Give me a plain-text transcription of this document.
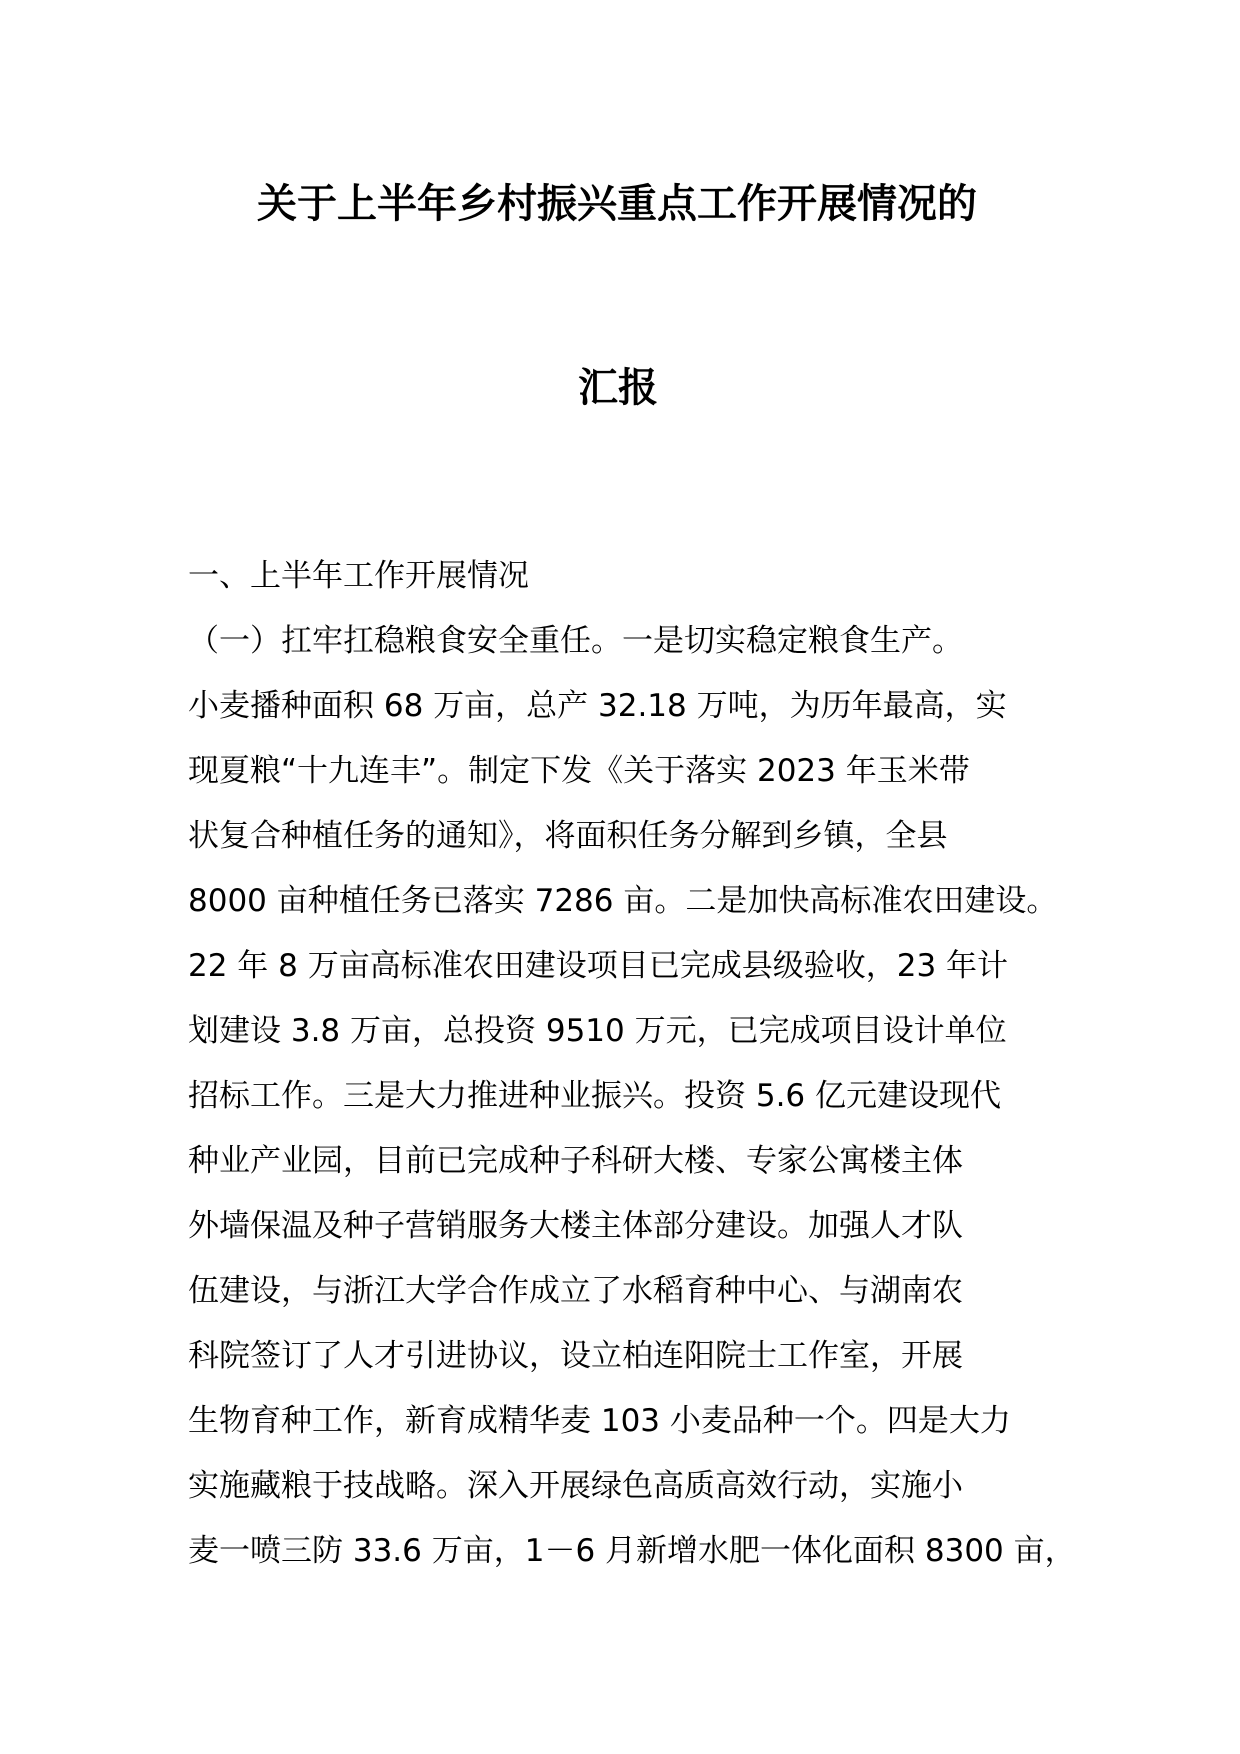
关于上半年乡村振兴重点工作开展情况的
汇报
一、上半年工作开展情况
（一）扛牢扛稳粮食安全重任。一是切实稳定粮食生产。
小麦播种面积 68 万亩，总产 32.18 万吨，为历年最高，实
现夏粮“十九连丰”。制定下发《关于落实 2023 年玉米带
状复合种植任务的通知》，将面积任务分解到乡镇，全县
8000 亩种植任务已落实 7286 亩。二是加快高标准农田建设。
22 年 8 万亩高标准农田建设项目已完成县级验收，23 年计
划建设 3.8 万亩，总投资 9510 万元，已完成项目设计单位
招标工作。三是大力推进种业振兴。投资 5.6 亿元建设现代
种业产业园，目前已完成种子科研大楼、专家公寓楼主体
外墙保温及种子营销服务大楼主体部分建设。加强人才队
伍建设，与浙江大学合作成立了水稻育种中心、与湖南农
科院签订了人才引进协议，设立柏连阳院士工作室，开展
生物育种工作，新育成精华麦 103 小麦品种一个。四是大力
实施藏粮于技战略。深入开展绿色高质高效行动，实施小
麦一喷三防 33.6 万亩，1－6 月新增水肥一体化面积 8300 亩，
